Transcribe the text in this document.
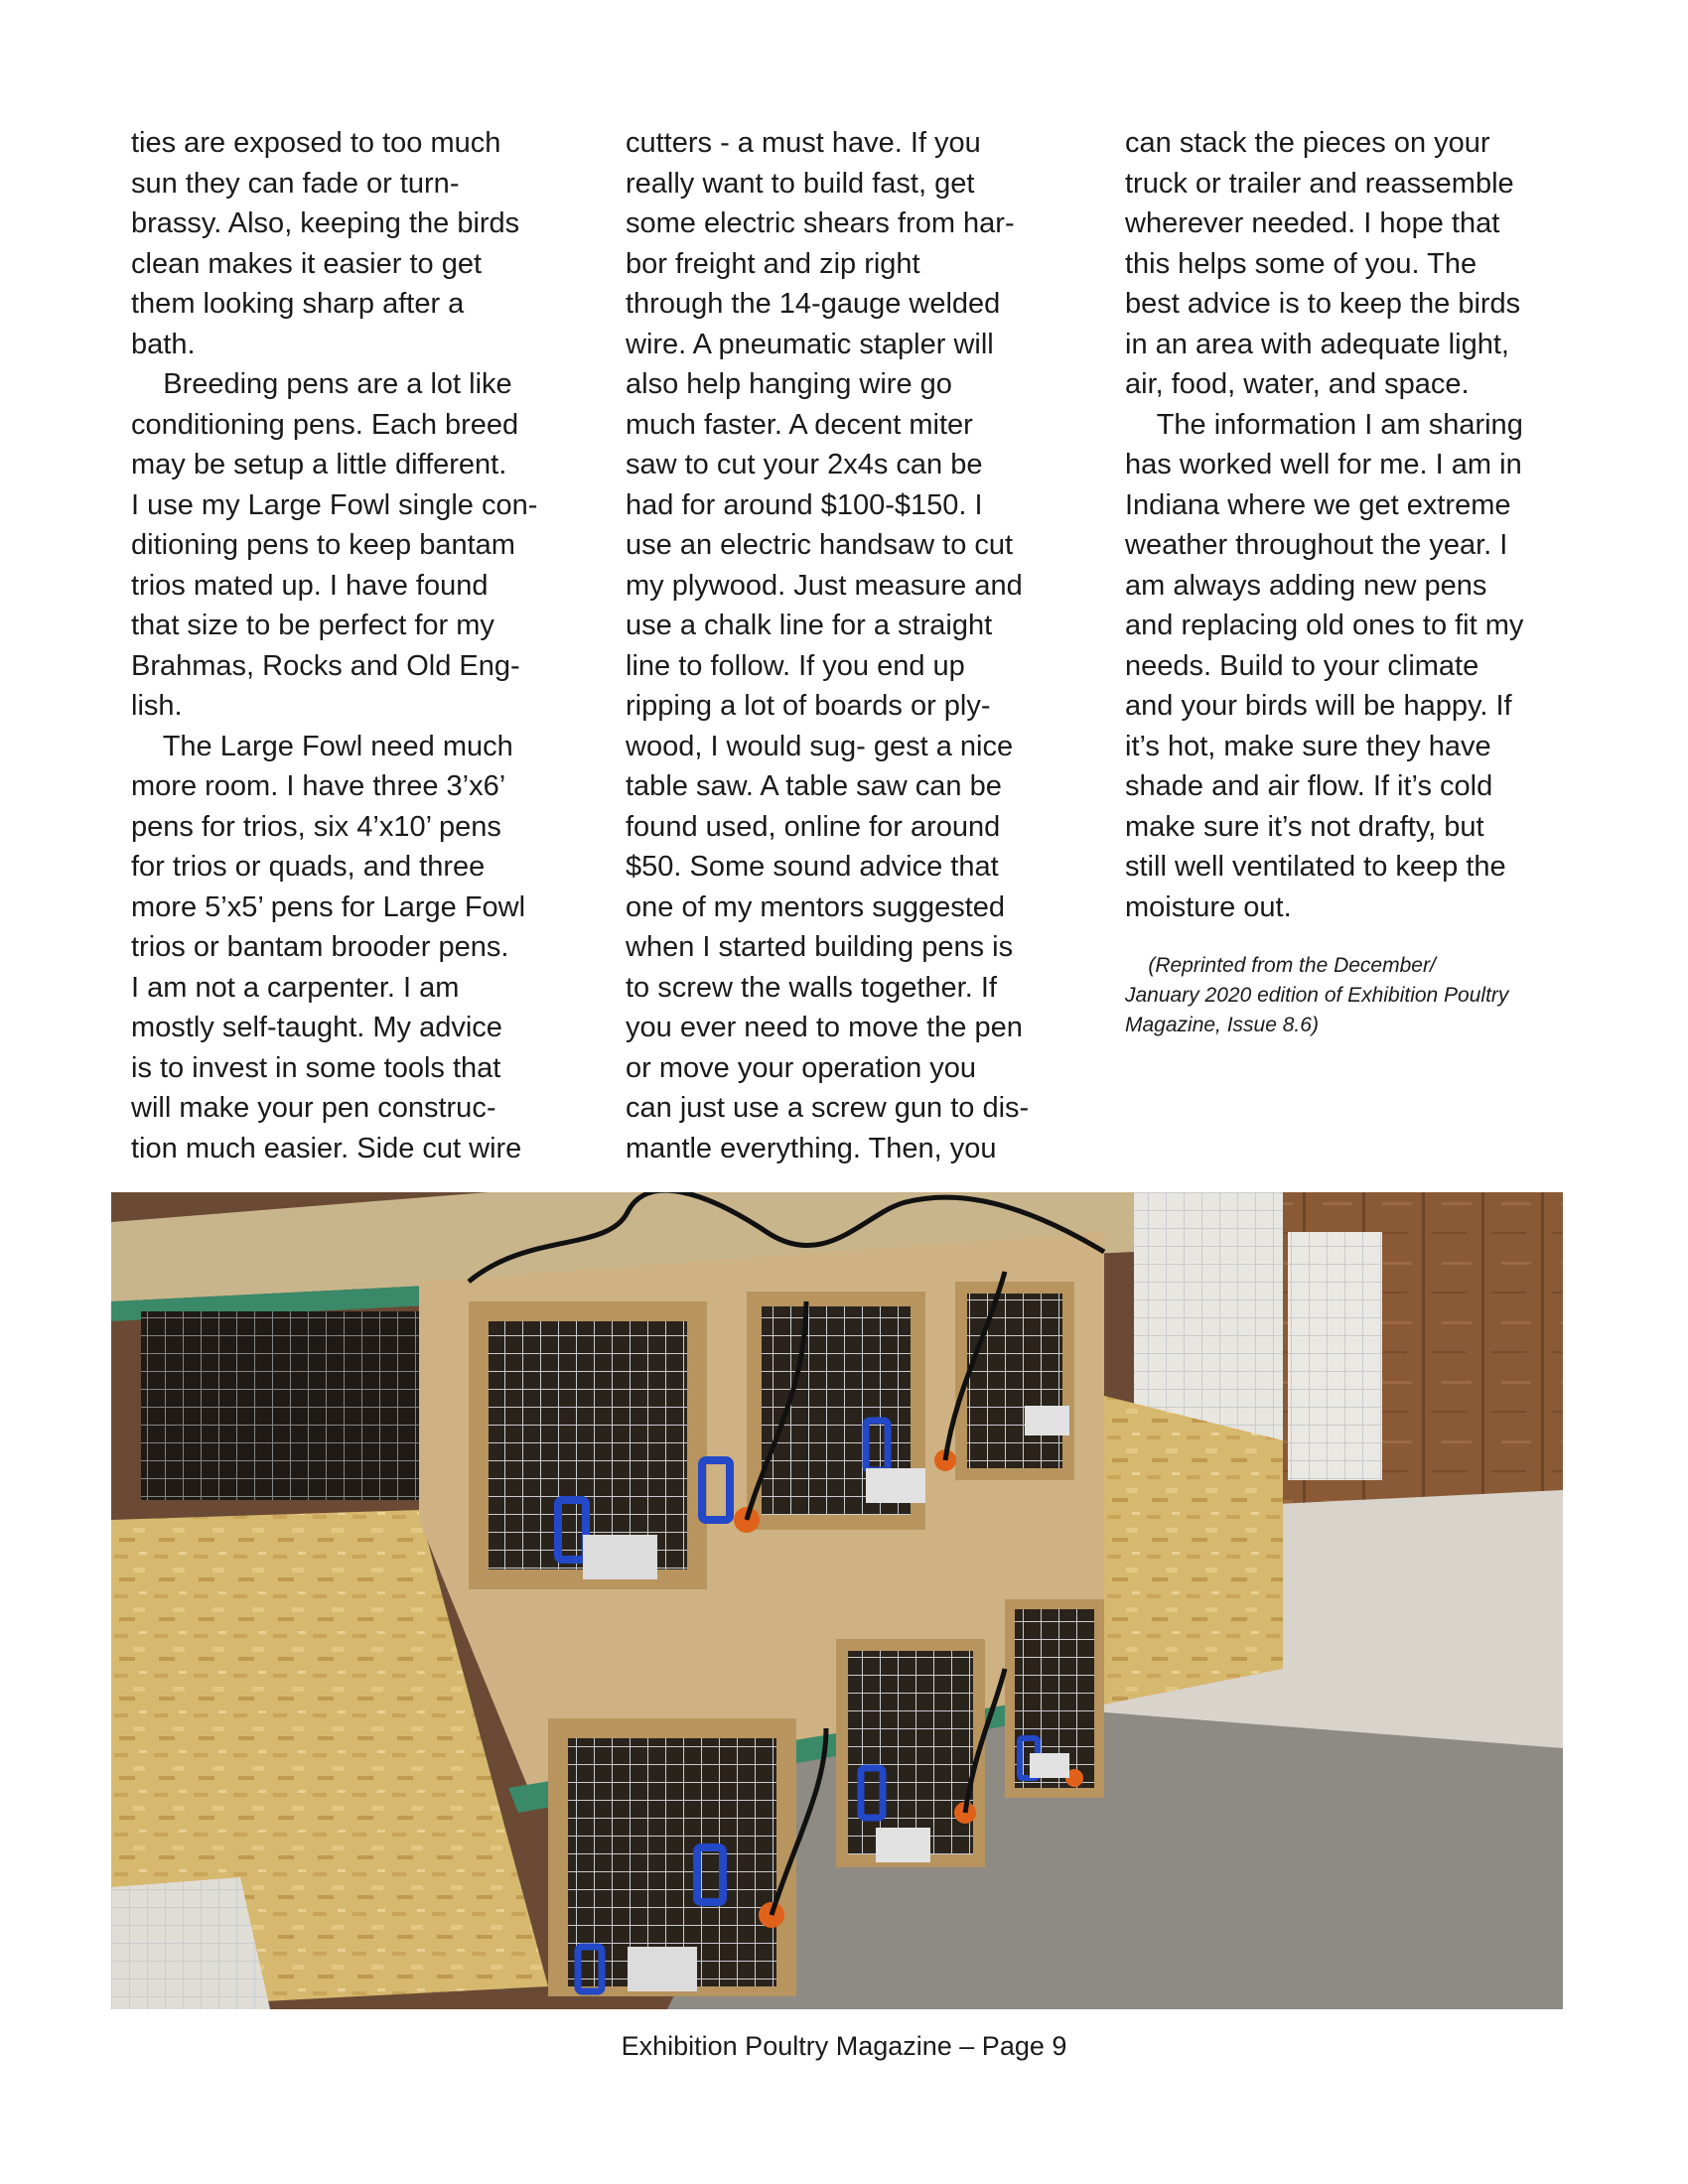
ties are exposed to too much
sun they can fade or turn-
brassy. Also, keeping the birds
clean makes it easier to get
them looking sharp after a
bath.
Breeding pens are a lot like
conditioning pens. Each breed
may be setup a little different.
I use my Large Fowl single con-
ditioning pens to keep bantam
trios mated up. I have found
that size to be perfect for my
Brahmas, Rocks and Old Eng-
lish.
The Large Fowl need much
more room. I have three 3’x6’
pens for trios, six 4’x10’ pens
for trios or quads, and three
more 5’x5’ pens for Large Fowl
trios or bantam brooder pens.
I am not a carpenter. I am
mostly self-taught. My advice
is to invest in some tools that
will make your pen construc-
tion much easier. Side cut wire
cutters - a must have. If you
really want to build fast, get
some electric shears from har-
bor freight and zip right
through the 14-gauge welded
wire. A pneumatic stapler will
also help hanging wire go
much faster. A decent miter
saw to cut your 2x4s can be
had for around $100-$150. I
use an electric handsaw to cut
my plywood. Just measure and
use a chalk line for a straight
line to follow. If you end up
ripping a lot of boards or ply-
wood, I would sug- gest a nice
table saw. A table saw can be
found used, online for around
$50. Some sound advice that
one of my mentors suggested
when I started building pens is
to screw the walls together. If
you ever need to move the pen
or move your operation you
can just use a screw gun to dis-
mantle everything. Then, you
can stack the pieces on your
truck or trailer and reassemble
wherever needed. I hope that
this helps some of you. The
best advice is to keep the birds
in an area with adequate light,
air, food, water, and space.
The information I am sharing
has worked well for me. I am in
Indiana where we get extreme
weather throughout the year. I
am always adding new pens
and replacing old ones to fit my
needs. Build to your climate
and your birds will be happy. If
it’s hot, make sure they have
shade and air flow. If it’s cold
make sure it’s not drafty, but
still well ventilated to keep the
moisture out.
(Reprinted from the December/
January 2020 edition of Exhibition Poultry
Magazine, Issue 8.6)
Exhibition Poultry Magazine – Page 9
